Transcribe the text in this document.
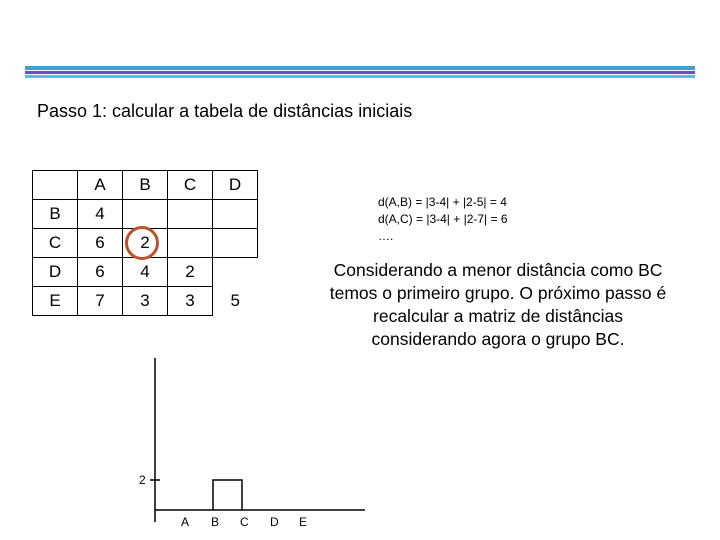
Passo 1: calcular a tabela de distâncias iniciais
	A	B	C	D
B	4			
C	6	2		
D	6	4	2	
E	7	3	3	5
d(A,B) = |3-4| + |2-5| = 4
d(A,C) = |3-4| + |2-7| = 6
….
Considerando a menor distância como BC
temos o primeiro grupo. O próximo passo é
recalcular a matriz de distâncias
considerando agora o grupo BC.
2
A B C D E
